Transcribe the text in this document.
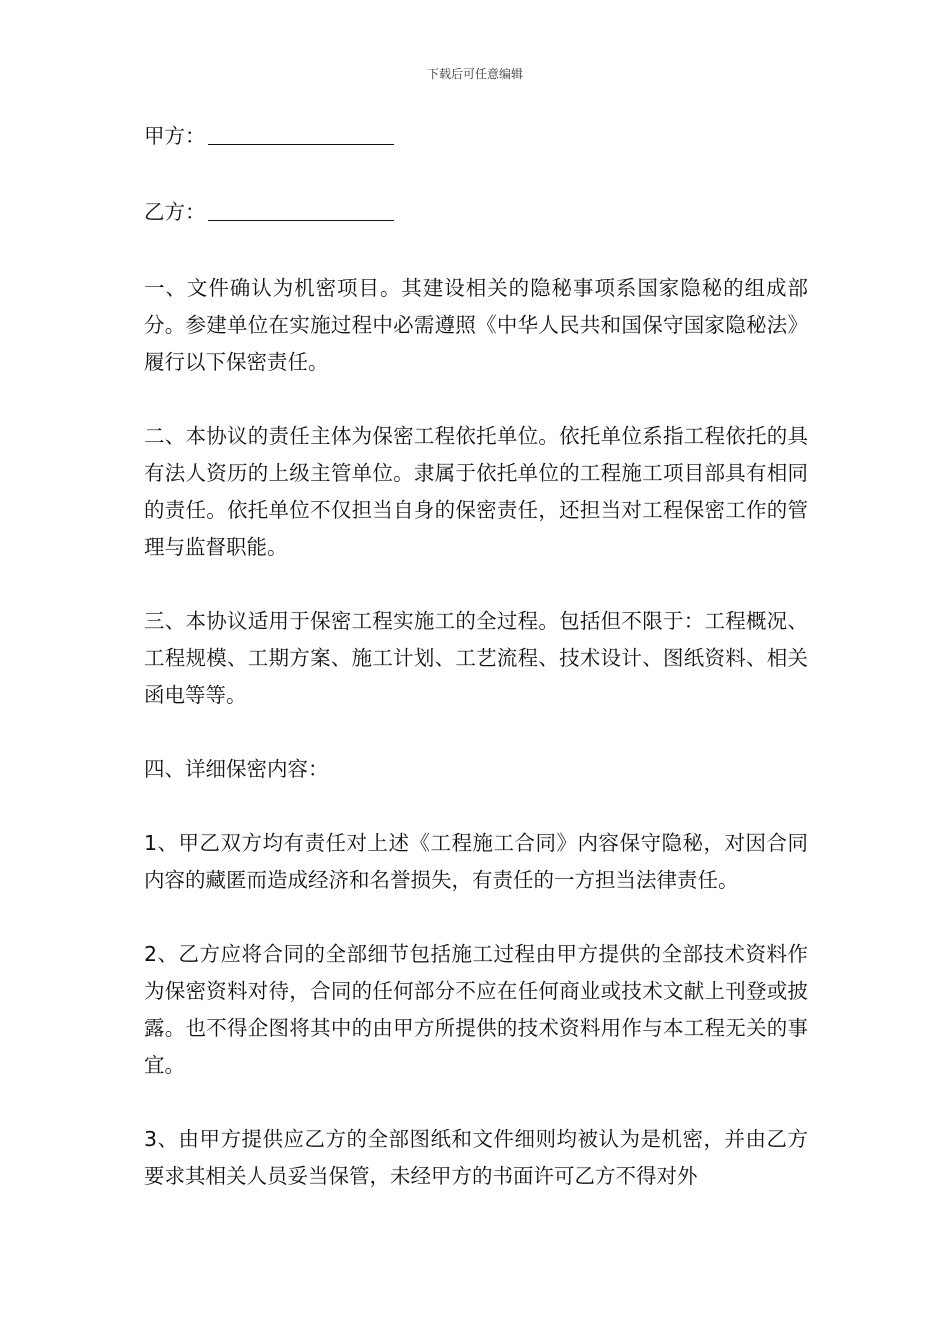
下载后可任意编辑
甲方：
乙方：

一、文件确认为机密项目。其建设相关的隐秘事项系国家隐秘的组成部分。参建单位在实施过程中必需遵照《中华人民共和国保守国家隐秘法》履行以下保密责任。

二、本协议的责任主体为保密工程依托单位。依托单位系指工程依托的具有法人资历的上级主管单位。隶属于依托单位的工程施工项目部具有相同的责任。依托单位不仅担当自身的保密责任，还担当对工程保密工作的管理与监督职能。

三、本协议适用于保密工程实施工的全过程。包括但不限于：工程概况、工程规模、工期方案、施工计划、工艺流程、技术设计、图纸资料、相关函电等等。

四、详细保密内容：

1、甲乙双方均有责任对上述《工程施工合同》内容保守隐秘，对因合同内容的藏匿而造成经济和名誉损失，有责任的一方担当法律责任。

2、乙方应将合同的全部细节包括施工过程由甲方提供的全部技术资料作为保密资料对待，合同的任何部分不应在任何商业或技术文献上刊登或披露。也不得企图将其中的由甲方所提供的技术资料用作与本工程无关的事宜。

3、由甲方提供应乙方的全部图纸和文件细则均被认为是机密，并由乙方要求其相关人员妥当保管，未经甲方的书面许可乙方不得对外
